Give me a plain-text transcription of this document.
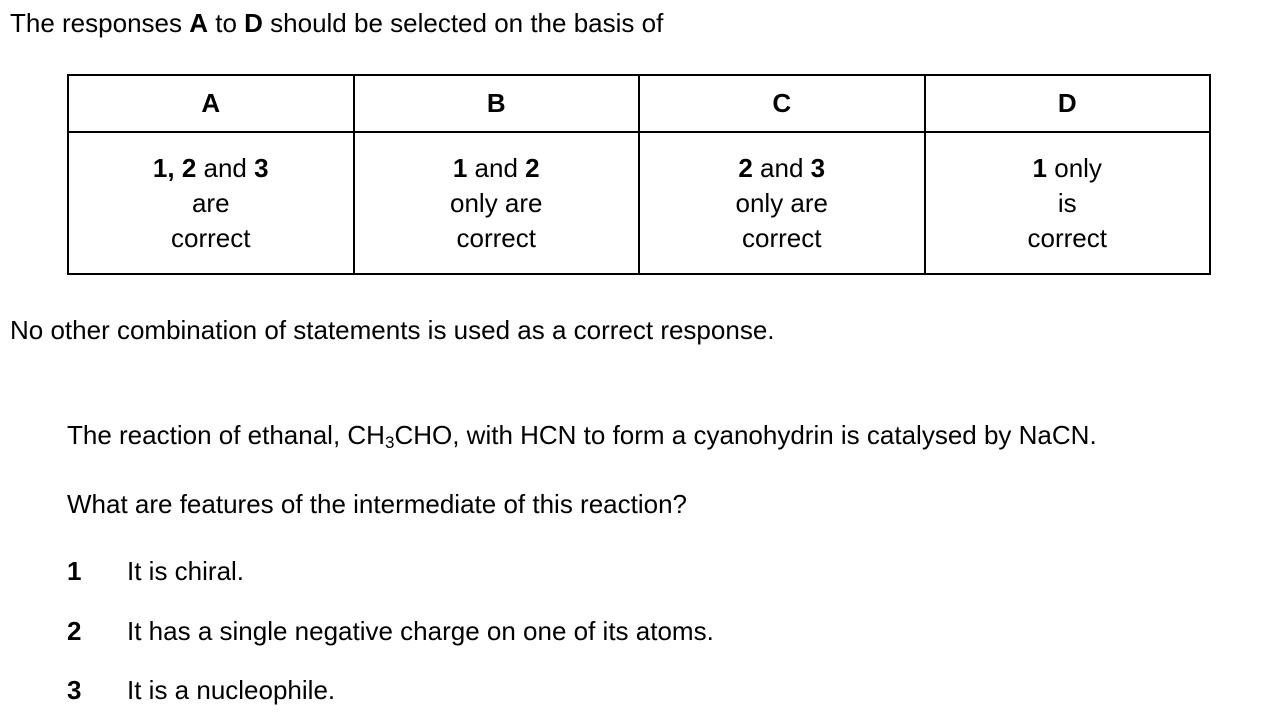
The responses A to D should be selected on the basis of
A	B	C	D

1, 2 and 3
are
correct	1 and 2
only are
correct	2 and 3
only are
correct	1 only
is
correct
No other combination of statements is used as a correct response.
The reaction of ethanal, $CH_3CHO$, with HCN to form a cyanohydrin is catalysed by NaCN.
What are features of the intermediate of this reaction?
1 It is chiral.
2 It has a single negative charge on one of its atoms.
3 It is a nucleophile.
